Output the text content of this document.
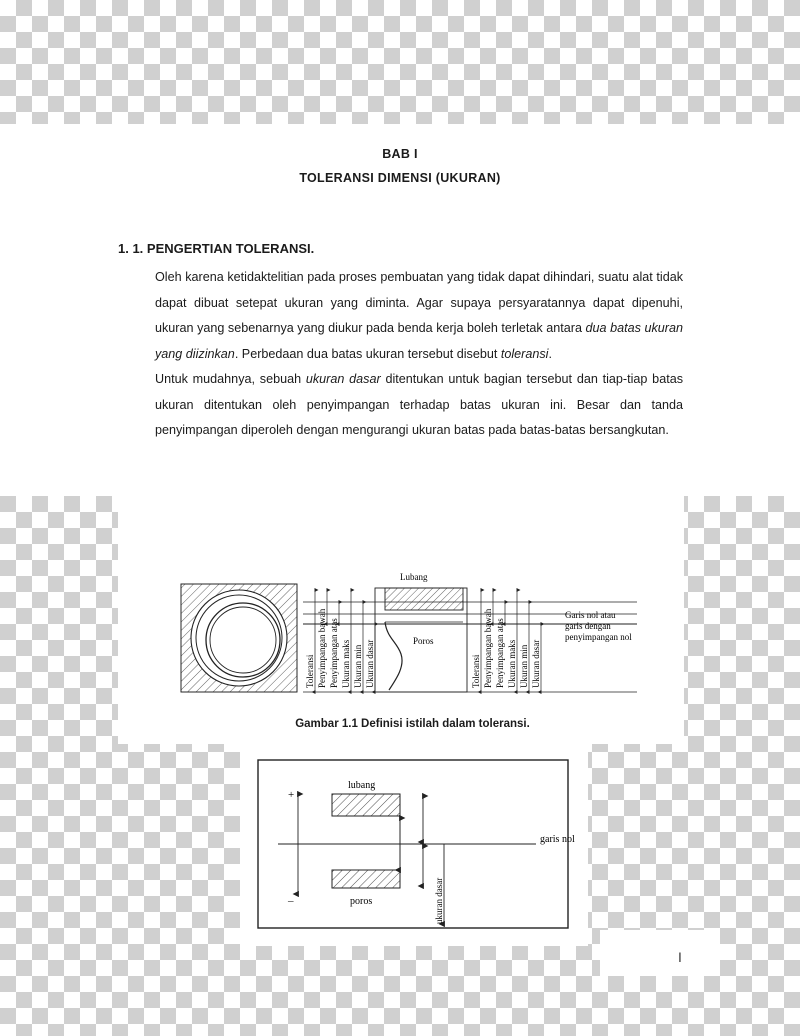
BAB I
TOLERANSI DIMENSI (UKURAN)
1. 1. PENGERTIAN TOLERANSI.

Oleh karena ketidaktelitian pada proses pembuatan yang tidak dapat dihindari, suatu alat tidak dapat dibuat setepat ukuran yang diminta. Agar supaya persyaratannya dapat dipenuhi, ukuran yang sebenarnya yang diukur pada benda kerja boleh terletak antara dua batas ukuran yang diizinkan. Perbedaan dua batas ukuran tersebut disebut toleransi.

Untuk mudahnya, sebuah ukuran dasar ditentukan untuk bagian tersebut dan tiap-tiap batas ukuran ditentukan oleh penyimpangan terhadap batas ukuran ini. Besar dan tanda penyimpangan diperoleh dengan mengurangi ukuran batas pada batas-batas bersangkutan.

Toleransi Penyimpangan bawah Penyimpangan atas Ukuran maks Ukuran min Ukuran dasar	Toleransi Penyimpangan bawah Penyimpangan atas Ukuran maks Ukuran min Ukuran dasar
Lubang
Poros
Garis nol atau
garis dengan
penyimpangan nol
Gambar 1.1 Definisi istilah dalam toleransi.
garis nol
lubang
poros
+
_	ukuran dasar
l
